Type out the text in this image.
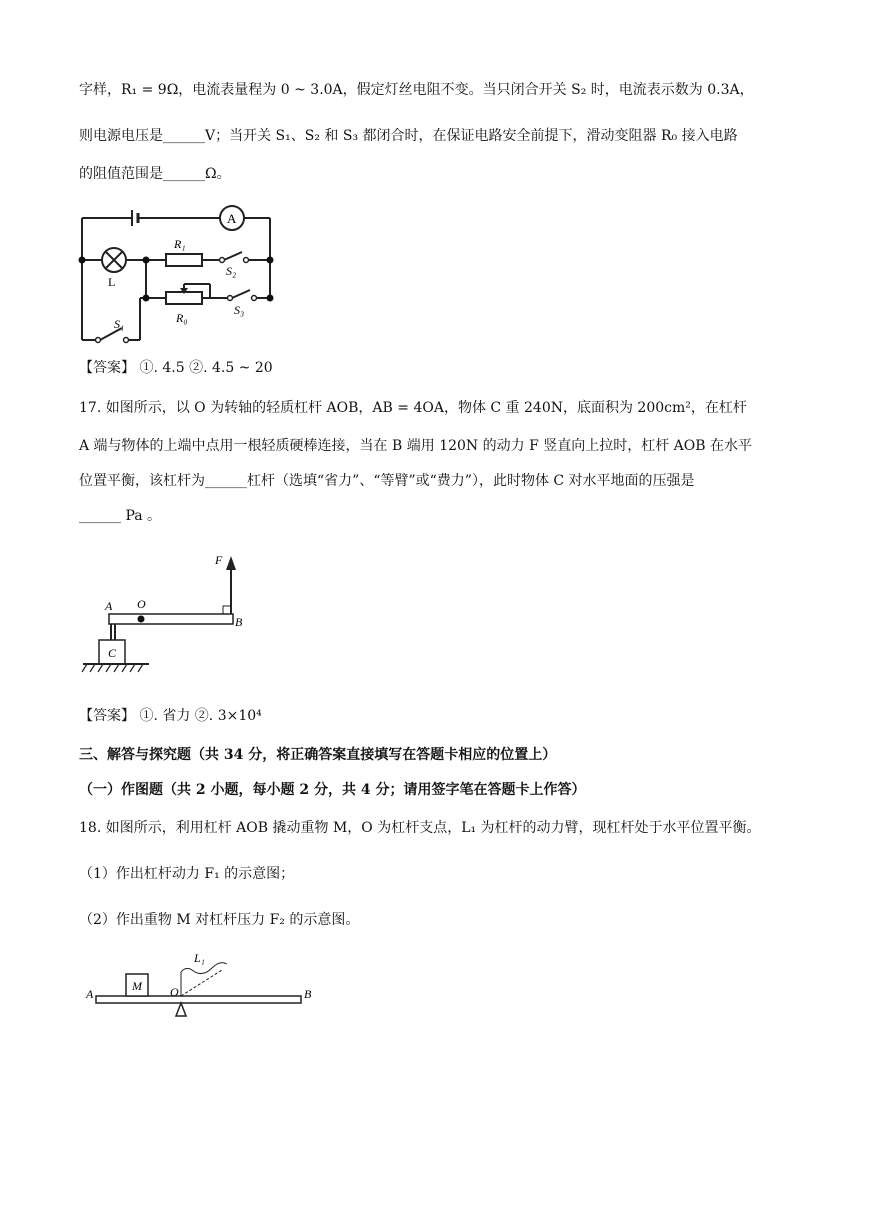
字样，R₁ = 9Ω，电流表量程为 0 ~ 3.0A，假定灯丝电阻不变。当只闭合开关 S₂ 时，电流表示数为 0.3A，
则电源电压是______V；当开关 S₁、S₂ 和 S₃ 都闭合时，在保证电路安全前提下，滑动变阻器 R₀ 接入电路
的阻值范围是______Ω。
A
L
R₁
S₂
R₀
S₃
S₁
【答案】 ①. 4.5 ②. 4.5 ~ 20
17. 如图所示，以 O 为转轴的轻质杠杆 AOB，AB = 4OA，物体 C 重 240N，底面积为 200cm²，在杠杆
A 端与物体的上端中点用一根轻质硬棒连接，当在 B 端用 120N 的动力 F 竖直向上拉时，杠杆 AOB 在水平
位置平衡，该杠杆为______杠杆（选填“省力”、“等臂”或“费力”），此时物体 C 对水平地面的压强是
______ Pa 。
F
A O
B
C
【答案】 ①. 省力 ②. 3×10⁴
三、解答与探究题（共 34 分，将正确答案直接填写在答题卡相应的位置上）
（一）作图题（共 2 小题，每小题 2 分，共 4 分；请用签字笔在答题卡上作答）
18. 如图所示，利用杠杆 AOB 撬动重物 M，O 为杠杆支点，L₁ 为杠杆的动力臂，现杠杆处于水平位置平衡。
（1）作出杠杆动力 F₁ 的示意图；
（2）作出重物 M 对杠杆压力 F₂ 的示意图。
A
M O
L₁
B
